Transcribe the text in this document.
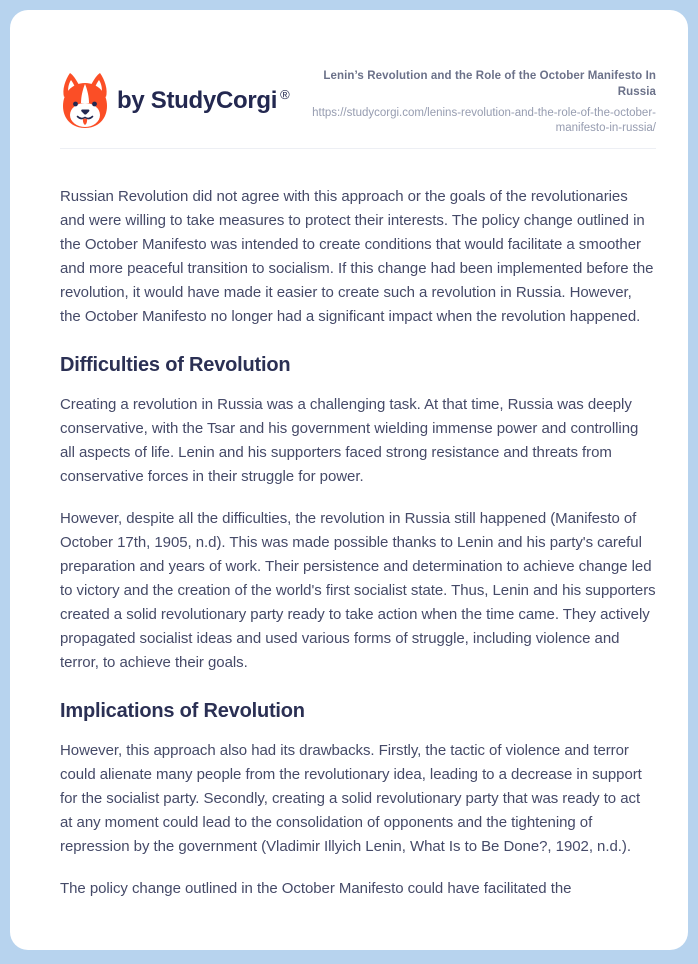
by StudyCorgi ®
Lenin’s Revolution and the Role of the October Manifesto In Russia
https://studycorgi.com/lenins-revolution-and-the-role-of-the-october-manifesto-in-russia/

Russian Revolution did not agree with this approach or the goals of the revolutionaries and were willing to take measures to protect their interests. The policy change outlined in the October Manifesto was intended to create conditions that would facilitate a smoother and more peaceful transition to socialism. If this change had been implemented before the revolution, it would have made it easier to create such a revolution in Russia. However, the October Manifesto no longer had a significant impact when the revolution happened.

Difficulties of Revolution

Creating a revolution in Russia was a challenging task. At that time, Russia was deeply conservative, with the Tsar and his government wielding immense power and controlling all aspects of life. Lenin and his supporters faced strong resistance and threats from conservative forces in their struggle for power.

However, despite all the difficulties, the revolution in Russia still happened (Manifesto of October 17th, 1905, n.d). This was made possible thanks to Lenin and his party's careful preparation and years of work. Their persistence and determination to achieve change led to victory and the creation of the world's first socialist state. Thus, Lenin and his supporters created a solid revolutionary party ready to take action when the time came. They actively propagated socialist ideas and used various forms of struggle, including violence and terror, to achieve their goals.

Implications of Revolution

However, this approach also had its drawbacks. Firstly, the tactic of violence and terror could alienate many people from the revolutionary idea, leading to a decrease in support for the socialist party. Secondly, creating a solid revolutionary party that was ready to act at any moment could lead to the consolidation of opponents and the tightening of repression by the government (Vladimir Illyich Lenin, What Is to Be Done?, 1902, n.d.).

The policy change outlined in the October Manifesto could have facilitated the
